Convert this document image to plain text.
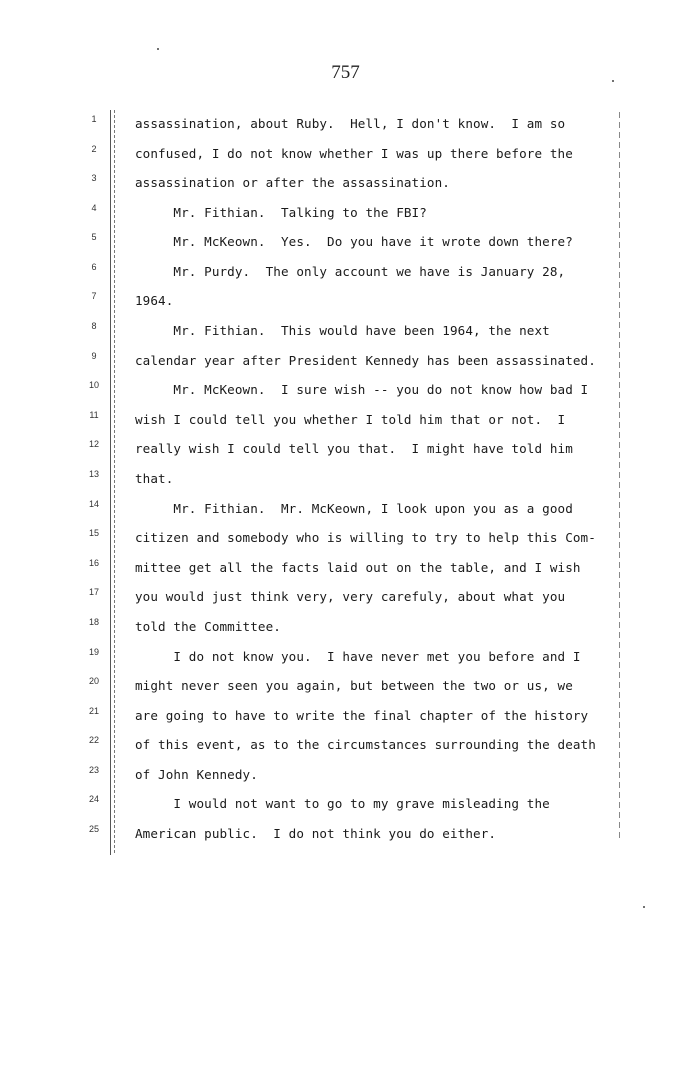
757
1
2
3
4
5
6
7
8
9
10
11
12
13
14
15
16
17
18
19
20
21
22
23
24
25
assassination, about Ruby.  Hell, I don't know.  I am so
confused, I do not know whether I was up there before the
assassination or after the assassination.
Mr. Fithian.  Talking to the FBI?
Mr. McKeown.  Yes.  Do you have it wrote down there?
Mr. Purdy.  The only account we have is January 28,
1964.
Mr. Fithian.  This would have been 1964, the next
calendar year after President Kennedy has been assassinated.
Mr. McKeown.  I sure wish -- you do not know how bad I
wish I could tell you whether I told him that or not.  I
really wish I could tell you that.  I might have told him
that.
Mr. Fithian.  Mr. McKeown, I look upon you as a good
citizen and somebody who is willing to try to help this Com-
mittee get all the facts laid out on the table, and I wish
you would just think very, very carefuly, about what you
told the Committee.
I do not know you.  I have never met you before and I
might never seen you again, but between the two or us, we
are going to have to write the final chapter of the history
of this event, as to the circumstances surrounding the death
of John Kennedy.
I would not want to go to my grave misleading the
American public.  I do not think you do either.
